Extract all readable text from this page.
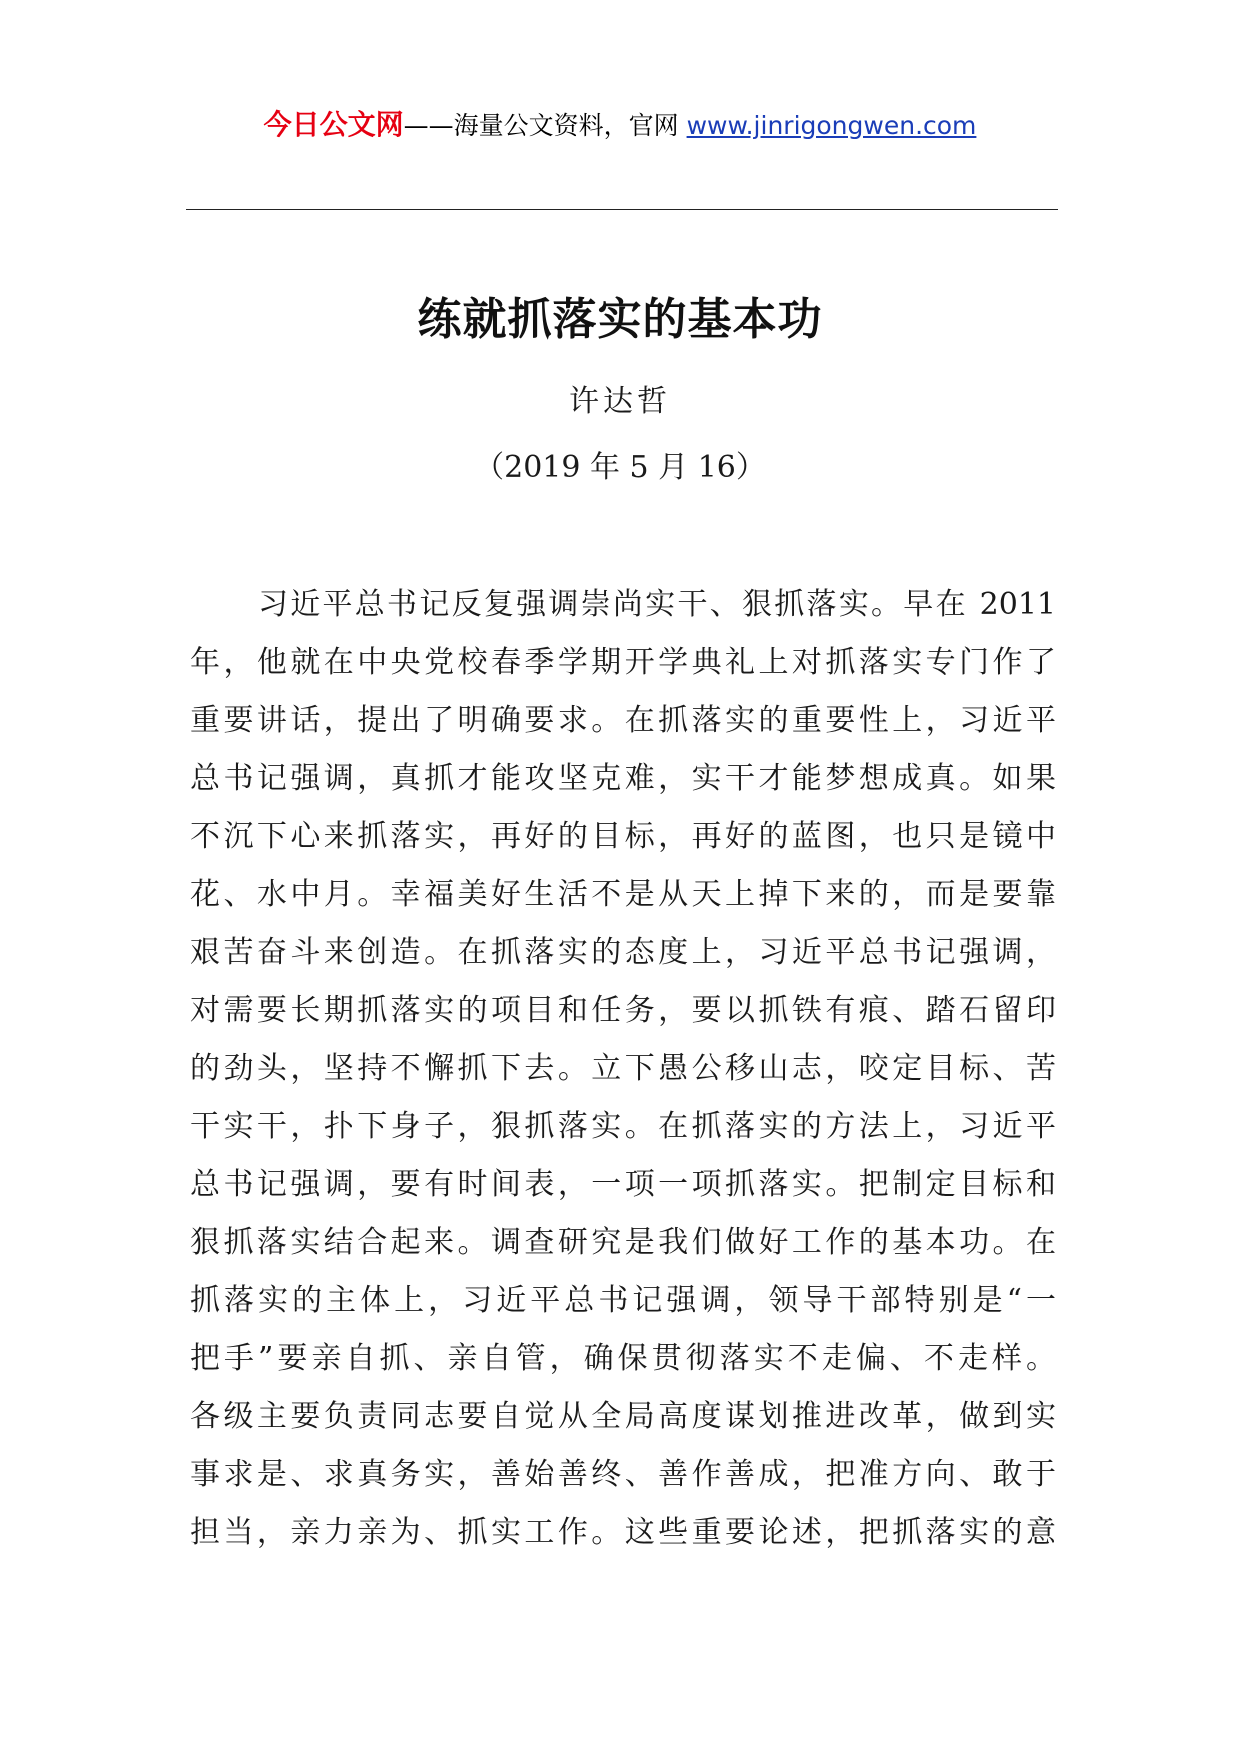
今日公文网——海量公文资料，官网 www.jinrigongwen.com
练就抓落实的基本功
许达哲
（2019 年 5 月 16）
习近平总书记反复强调崇尚实干、狠抓落实。早在 2011
年，他就在中央党校春季学期开学典礼上对抓落实专门作了
重要讲话，提出了明确要求。在抓落实的重要性上，习近平
总书记强调，真抓才能攻坚克难，实干才能梦想成真。如果
不沉下心来抓落实，再好的目标，再好的蓝图，也只是镜中
花、水中月。幸福美好生活不是从天上掉下来的，而是要靠
艰苦奋斗来创造。在抓落实的态度上，习近平总书记强调，
对需要长期抓落实的项目和任务，要以抓铁有痕、踏石留印
的劲头，坚持不懈抓下去。立下愚公移山志，咬定目标、苦
干实干，扑下身子，狠抓落实。在抓落实的方法上，习近平
总书记强调，要有时间表，一项一项抓落实。把制定目标和
狠抓落实结合起来。调查研究是我们做好工作的基本功。在
抓落实的主体上，习近平总书记强调，领导干部特别是“一
把手”要亲自抓、亲自管，确保贯彻落实不走偏、不走样。
各级主要负责同志要自觉从全局高度谋划推进改革，做到实
事求是、求真务实，善始善终、善作善成，把准方向、敢于
担当，亲力亲为、抓实工作。这些重要论述，把抓落实的意
